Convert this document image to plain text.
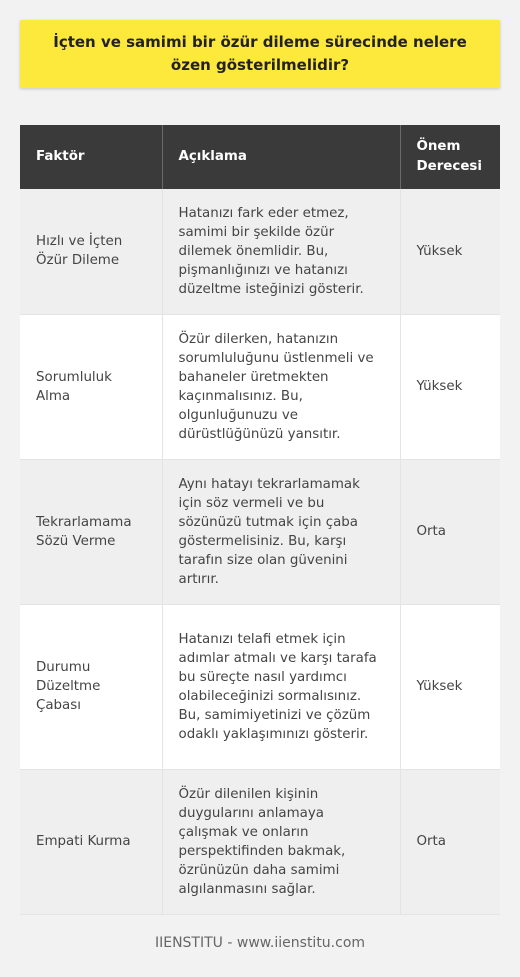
İçten ve samimi bir özür dileme sürecinde nelere özen gösterilmelidir?
Faktör	Açıklama	Önem Derecesi
Hızlı ve İçten Özür Dileme	Hatanızı fark eder etmez, samimi bir şekilde özür dilemek önemlidir. Bu, pişmanlığınızı ve hatanızı düzeltme isteğinizi gösterir.	Yüksek
Sorumluluk Alma	Özür dilerken, hatanızın sorumluluğunu üstlenmeli ve bahaneler üretmekten kaçınmalısınız. Bu, olgunluğunuzu ve dürüstlüğünüzü yansıtır.	Yüksek
Tekrarlamama Sözü Verme	Aynı hatayı tekrarlamamak için söz vermeli ve bu sözünüzü tutmak için çaba göstermelisiniz. Bu, karşı tarafın size olan güvenini artırır.	Orta
Durumu Düzeltme Çabası	Hatanızı telafi etmek için adımlar atmalı ve karşı tarafa bu süreçte nasıl yardımcı olabileceğinizi sormalısınız. Bu, samimiyetinizi ve çözüm odaklı yaklaşımınızı gösterir.	Yüksek
Empati Kurma	Özür dilenilen kişinin duygularını anlamaya çalışmak ve onların perspektifinden bakmak, özrünüzün daha samimi algılanmasını sağlar.	Orta
IIENSTITU - www.iienstitu.com
